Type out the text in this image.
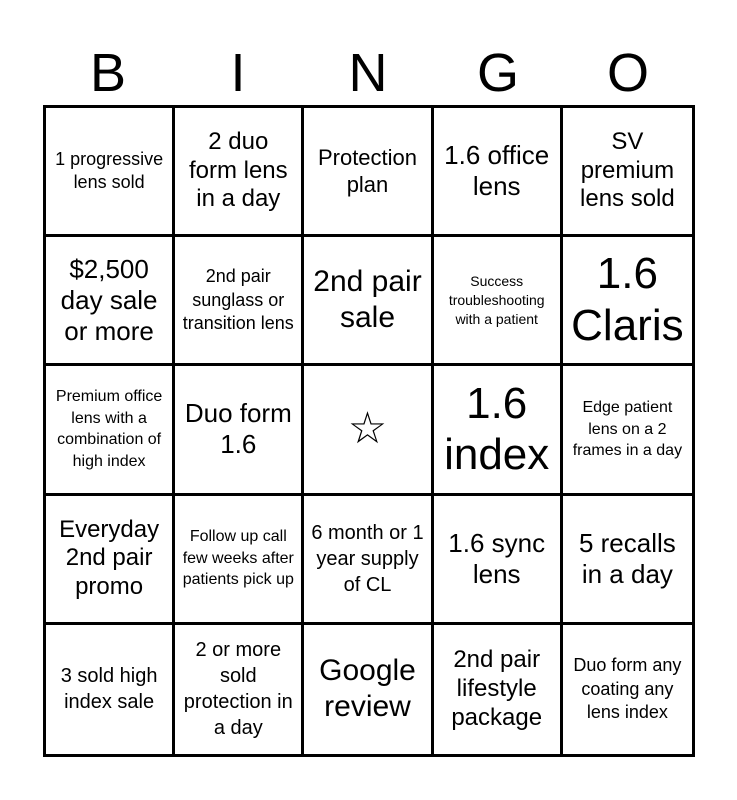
B	I	N	G	O
1 progressive lens sold
2 duo form lens in a day
Protection plan
1.6 office lens
SV premium lens sold
$2,500 day sale or more
2nd pair sunglass or transition lens
2nd pair sale
Success troubleshooting with a patient
1.6 Claris
Premium office lens with a combination of high index
Duo form 1.6	☆
1.6 index
Edge patient lens on a 2 frames in a day
Everyday 2nd pair promo
Follow up call few weeks after patients pick up
6 month or 1 year supply of CL
1.6 sync lens
5 recalls in a day
3 sold high index sale
2 or more sold protection in a day
Google review
2nd pair lifestyle package
Duo form any coating any lens index
